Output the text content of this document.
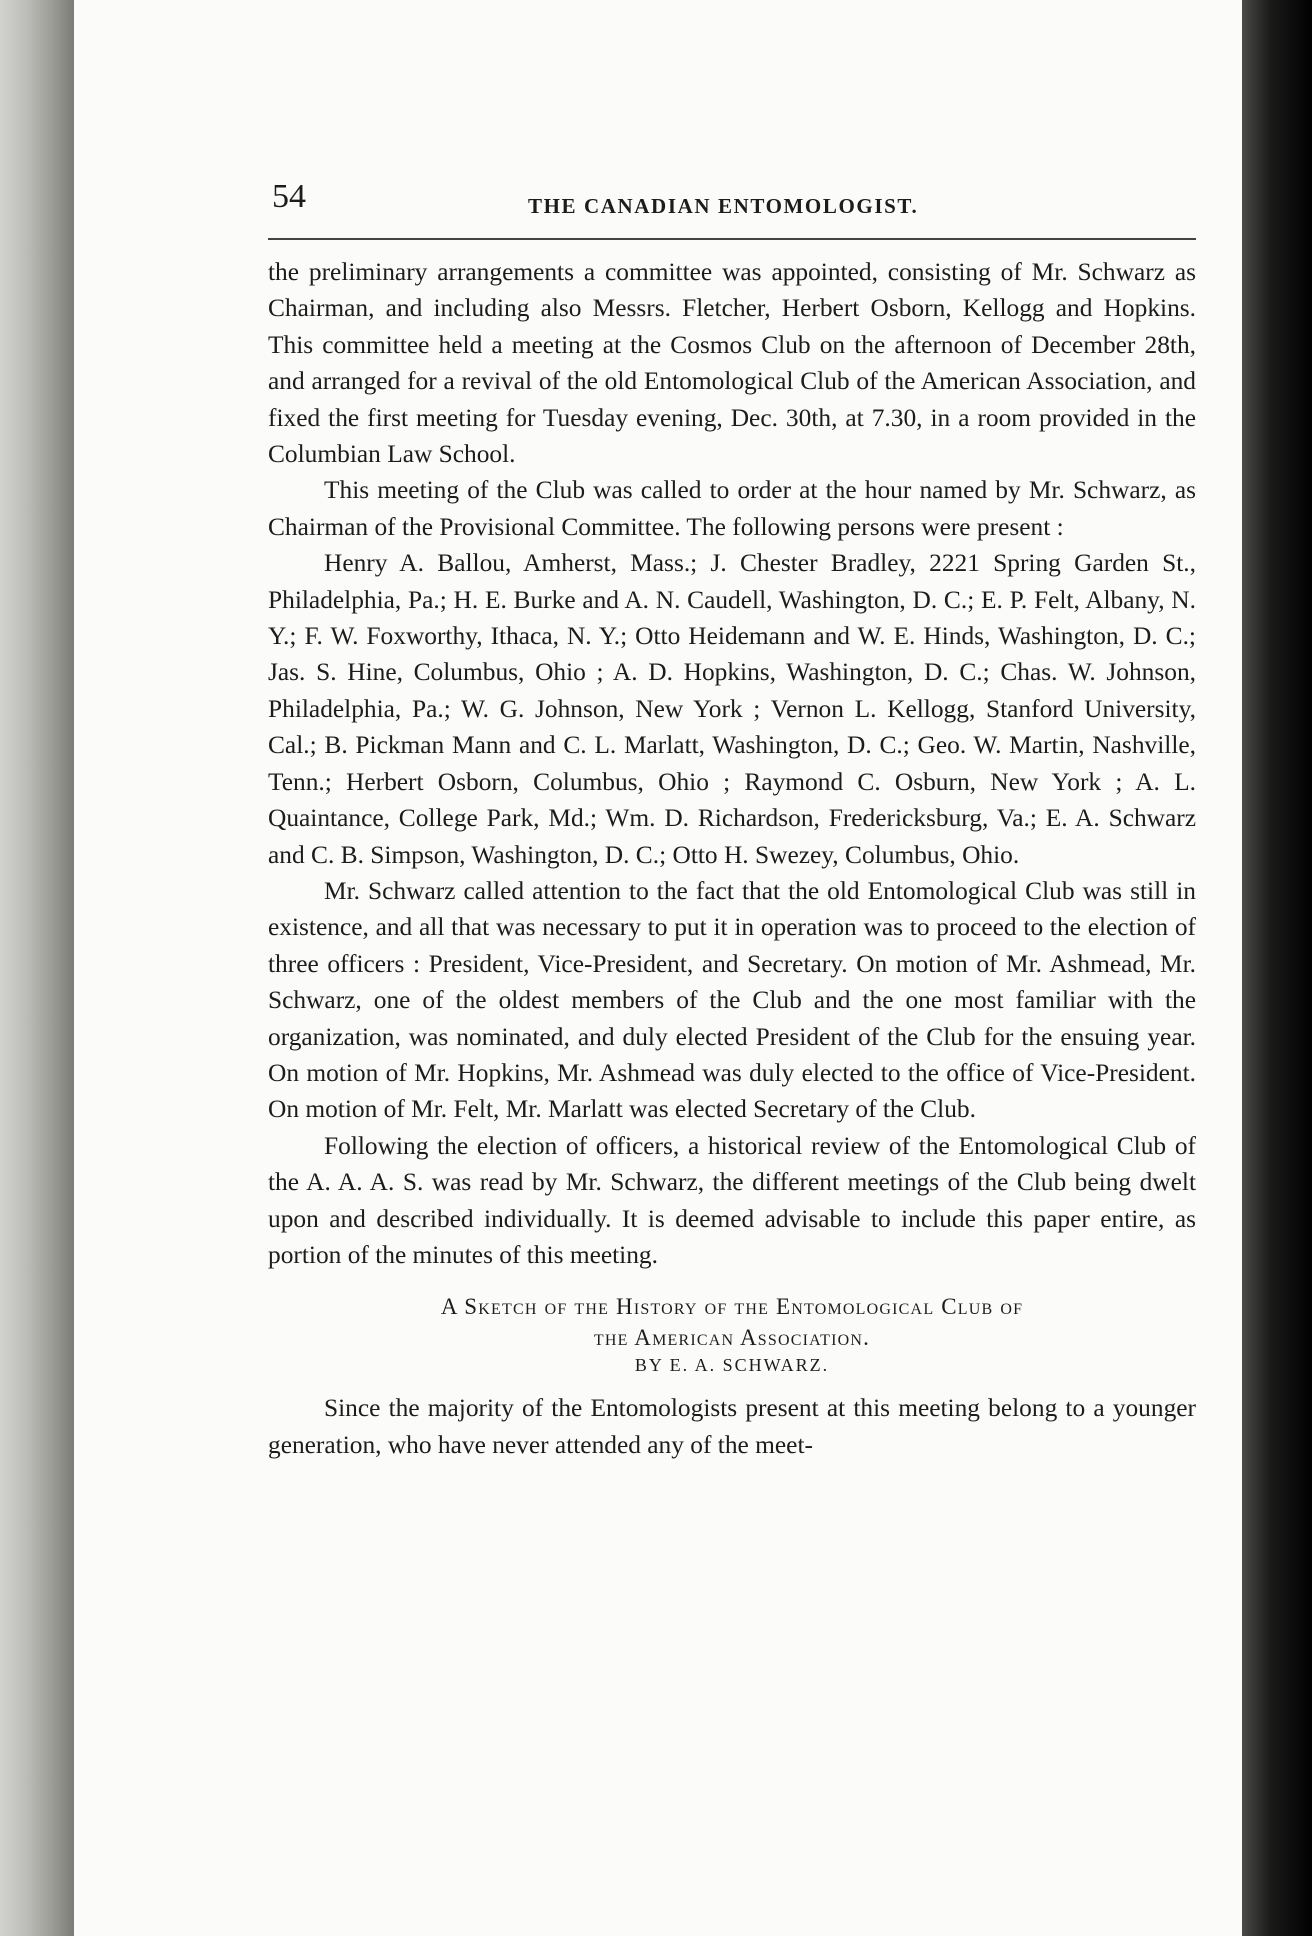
54	THE CANADIAN ENTOMOLOGIST.

the preliminary arrangements a committee was appointed, consisting of Mr. Schwarz as Chairman, and including also Messrs. Fletcher, Herbert Osborn, Kellogg and Hopkins. This committee held a meeting at the Cosmos Club on the afternoon of December 28th, and arranged for a revival of the old Entomological Club of the American Association, and fixed the first meeting for Tuesday evening, Dec. 30th, at 7.30, in a room provided in the Columbian Law School.

This meeting of the Club was called to order at the hour named by Mr. Schwarz, as Chairman of the Provisional Committee. The following persons were present :

Henry A. Ballou, Amherst, Mass.; J. Chester Bradley, 2221 Spring Garden St., Philadelphia, Pa.; H. E. Burke and A. N. Caudell, Washington, D. C.; E. P. Felt, Albany, N. Y.; F. W. Foxworthy, Ithaca, N. Y.; Otto Heidemann and W. E. Hinds, Washington, D. C.; Jas. S. Hine, Columbus, Ohio ; A. D. Hopkins, Washington, D. C.; Chas. W. Johnson, Philadelphia, Pa.; W. G. Johnson, New York ; Vernon L. Kellogg, Stanford University, Cal.; B. Pickman Mann and C. L. Marlatt, Washington, D. C.; Geo. W. Martin, Nashville, Tenn.; Herbert Osborn, Columbus, Ohio ; Raymond C. Osburn, New York ; A. L. Quaintance, College Park, Md.; Wm. D. Richardson, Fredericksburg, Va.; E. A. Schwarz and C. B. Simpson, Washington, D. C.; Otto H. Swezey, Columbus, Ohio.

Mr. Schwarz called attention to the fact that the old Entomological Club was still in existence, and all that was necessary to put it in operation was to proceed to the election of three officers : President, Vice-President, and Secretary. On motion of Mr. Ashmead, Mr. Schwarz, one of the oldest members of the Club and the one most familiar with the organization, was nominated, and duly elected President of the Club for the ensuing year. On motion of Mr. Hopkins, Mr. Ashmead was duly elected to the office of Vice-President. On motion of Mr. Felt, Mr. Marlatt was elected Secretary of the Club.

Following the election of officers, a historical review of the Entomological Club of the A. A. A. S. was read by Mr. Schwarz, the different meetings of the Club being dwelt upon and described individually. It is deemed advisable to include this paper entire, as portion of the minutes of this meeting.

A Sketch of the History of the Entomological Club of
the American Association.
BY E. A. SCHWARZ.

Since the majority of the Entomologists present at this meeting belong to a younger generation, who have never attended any of the meet-
